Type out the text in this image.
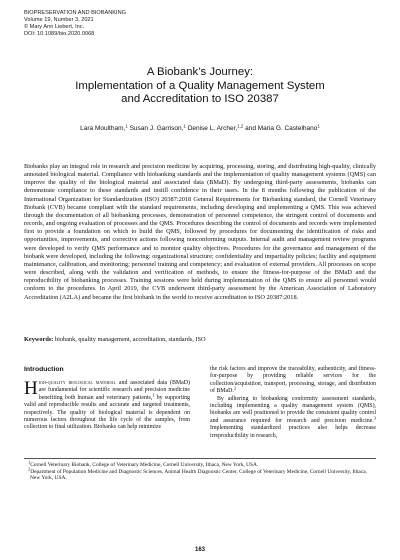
BIOPRESERVATION AND BIOBANKING
Volume 19, Number 3, 2021
© Mary Ann Liebert, Inc.
DOI: 10.1089/bio.2020.0068
A Biobank’s Journey:
Implementation of a Quality Management System
and Accreditation to ISO 20387
Lara Moultham,$^1$ Susan J. Garrison,$^1$ Denise L. Archer,$^{1,2}$ and Maria G. Castelhano$^1$
Biobanks play an integral role in research and precision medicine by acquiring, processing, storing, and distributing high-quality, clinically annotated biological material. Compliance with biobanking standards and the implementation of quality management systems (QMS) can improve the quality of the biological material and associated data (BMaD). By undergoing third-party assessments, biobanks can demonstrate compliance to these standards and instill confidence in their users. In the 8 months following the publication of the International Organization for Standardization (ISO) 20387:2018 General Requirements for Biobanking standard, the Cornell Veterinary Biobank (CVB) became compliant with the standard requirements, including developing and implementing a QMS. This was achieved through the documentation of all biobanking processes, demonstration of personnel competence, the stringent control of documents and records, and ongoing evaluation of processes and the QMS. Procedures describing the control of documents and records were implemented first to provide a foundation on which to build the QMS, followed by procedures for documenting the identification of risks and opportunities, improvements, and corrective actions following nonconforming outputs. Internal audit and management review programs were developed to verify QMS performance and to monitor quality objectives. Procedures for the governance and management of the biobank were developed, including the following: organizational structure; confidentiality and impartiality policies; facility and equipment maintenance, calibration, and monitoring; personnel training and competency; and evaluation of external providers. All processes on scope were described, along with the validation and verification of methods, to ensure the fitness-for-purpose of the BMaD and the reproducibility of biobanking processes. Training sessions were held during implementation of the QMS to ensure all personnel would conform to the procedures. In April 2019, the CVB underwent third-party assessment by the American Association of Laboratory Accreditation (A2LA) and became the first biobank in the world to receive accreditation to ISO 20387:2018.
Keywords: biobank, quality management, accreditation, standards, ISO
Introduction

High-quality biological material and associated data (BMaD) are fundamental for scientific research and precision medicine benefiting both human and veterinary patients,$^1$ by supporting valid and reproducible results and accurate and targeted treatments, respectively. The quality of biological material is dependent on numerous factors throughout the life cycle of the samples, from collection to final utilization. Biobanks can help minimize

the risk factors and improve the traceability, authenticity, and fitness-for-purpose by providing reliable services for the collection/acquisition, transport, processing, storage, and distribution of BMaD.$^2$

By adhering to biobanking conformity assessment standards, including implementing a quality management system (QMS), biobanks are well positioned to provide the consistent quality control and assurance required for research and precision medicine.$^3$ Implementing standardized practices also helps decrease irreproducibility in research,

$^1$Cornell Veterinary Biobank, College of Veterinary Medicine, Cornell University, Ithaca, New York, USA.
$^2$Department of Population Medicine and Diagnostic Sciences, Animal Health Diagnostic Center, College of Veterinary Medicine, Cornell University, Ithaca, New York, USA.
163
